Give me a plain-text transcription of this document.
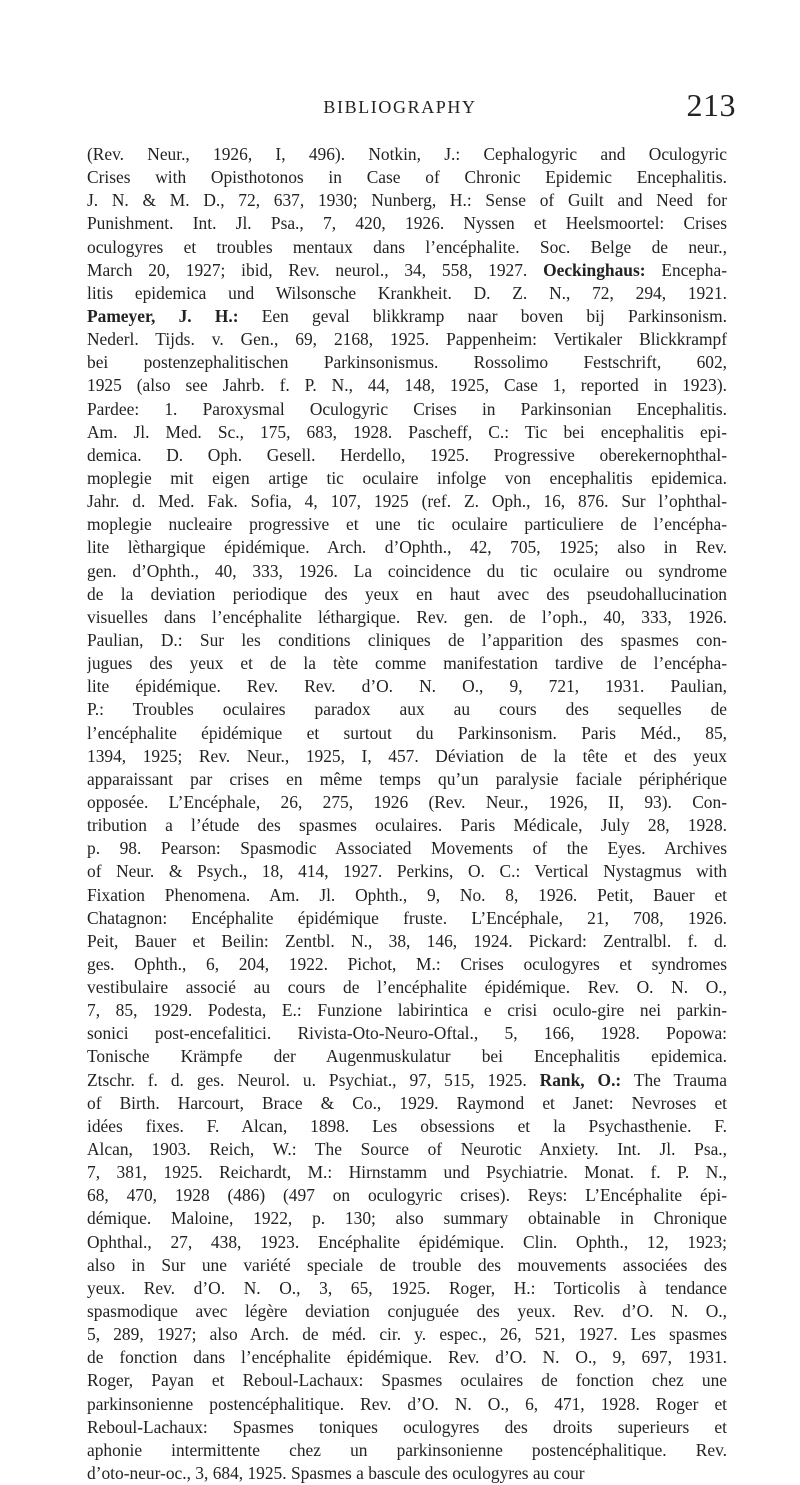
BIBLIOGRAPHY	213
(Rev. Neur., 1926, I, 496). Notkin, J.: Cephalogyric and Oculogyric
Crises with Opisthotonos in Case of Chronic Epidemic Encephalitis.
J. N. & M. D., 72, 637, 1930; Nunberg, H.: Sense of Guilt and Need for
Punishment. Int. Jl. Psa., 7, 420, 1926. Nyssen et Heelsmoortel: Crises
oculogyres et troubles mentaux dans l’encéphalite. Soc. Belge de neur.,
March 20, 1927; ibid, Rev. neurol., 34, 558, 1927. Oeckinghaus: Encepha-
litis epidemica und Wilsonsche Krankheit. D. Z. N., 72, 294, 1921.
Pameyer, J. H.: Een geval blikkramp naar boven bij Parkinsonism.
Nederl. Tijds. v. Gen., 69, 2168, 1925. Pappenheim: Vertikaler Blickkrampf
bei postenzephalitischen Parkinsonismus. Rossolimo Festschrift, 602,
1925 (also see Jahrb. f. P. N., 44, 148, 1925, Case 1, reported in 1923).
Pardee: 1. Paroxysmal Oculogyric Crises in Parkinsonian Encephalitis.
Am. Jl. Med. Sc., 175, 683, 1928. Pascheff, C.: Tic bei encephalitis epi-
demica. D. Oph. Gesell. Herdello, 1925. Progressive oberekernophthal-
moplegie mit eigen artige tic oculaire infolge von encephalitis epidemica.
Jahr. d. Med. Fak. Sofia, 4, 107, 1925 (ref. Z. Oph., 16, 876. Sur l’ophthal-
moplegie nucleaire progressive et une tic oculaire particuliere de l’encépha-
lite lèthargique épidémique. Arch. d’Ophth., 42, 705, 1925; also in Rev.
gen. d’Ophth., 40, 333, 1926. La coincidence du tic oculaire ou syndrome
de la deviation periodique des yeux en haut avec des pseudohallucination
visuelles dans l’encéphalite léthargique. Rev. gen. de l’oph., 40, 333, 1926.
Paulian, D.: Sur les conditions cliniques de l’apparition des spasmes con-
jugues des yeux et de la tète comme manifestation tardive de l’encépha-
lite épidémique. Rev. Rev. d’O. N. O., 9, 721, 1931. Paulian,
P.: Troubles oculaires paradox aux au cours des sequelles de
l’encéphalite épidémique et surtout du Parkinsonism. Paris Méd., 85,
1394, 1925; Rev. Neur., 1925, I, 457. Déviation de la tête et des yeux
apparaissant par crises en même temps qu’un paralysie faciale périphérique
opposée. L’Encéphale, 26, 275, 1926 (Rev. Neur., 1926, II, 93). Con-
tribution a l’étude des spasmes oculaires. Paris Médicale, July 28, 1928.
p. 98. Pearson: Spasmodic Associated Movements of the Eyes. Archives
of Neur. & Psych., 18, 414, 1927. Perkins, O. C.: Vertical Nystagmus with
Fixation Phenomena. Am. Jl. Ophth., 9, No. 8, 1926. Petit, Bauer et
Chatagnon: Encéphalite épidémique fruste. L’Encéphale, 21, 708, 1926.
Peit, Bauer et Beilin: Zentbl. N., 38, 146, 1924. Pickard: Zentralbl. f. d.
ges. Ophth., 6, 204, 1922. Pichot, M.: Crises oculogyres et syndromes
vestibulaire associé au cours de l’encéphalite épidémique. Rev. O. N. O.,
7, 85, 1929. Podesta, E.: Funzione labirintica e crisi oculo-gire nei parkin-
sonici post-encefalitici. Rivista-Oto-Neuro-Oftal., 5, 166, 1928. Popowa:
Tonische Krämpfe der Augenmuskulatur bei Encephalitis epidemica.
Ztschr. f. d. ges. Neurol. u. Psychiat., 97, 515, 1925. Rank, O.: The Trauma
of Birth. Harcourt, Brace & Co., 1929. Raymond et Janet: Nevroses et
idées fixes. F. Alcan, 1898. Les obsessions et la Psychasthenie. F.
Alcan, 1903. Reich, W.: The Source of Neurotic Anxiety. Int. Jl. Psa.,
7, 381, 1925. Reichardt, M.: Hirnstamm und Psychiatrie. Monat. f. P. N.,
68, 470, 1928 (486) (497 on oculogyric crises). Reys: L’Encéphalite épi-
démique. Maloine, 1922, p. 130; also summary obtainable in Chronique
Ophthal., 27, 438, 1923. Encéphalite épidémique. Clin. Ophth., 12, 1923;
also in Sur une variété speciale de trouble des mouvements associées des
yeux. Rev. d’O. N. O., 3, 65, 1925. Roger, H.: Torticolis à tendance
spasmodique avec légère deviation conjuguée des yeux. Rev. d’O. N. O.,
5, 289, 1927; also Arch. de méd. cir. y. espec., 26, 521, 1927. Les spasmes
de fonction dans l’encéphalite épidémique. Rev. d’O. N. O., 9, 697, 1931.
Roger, Payan et Reboul-Lachaux: Spasmes oculaires de fonction chez une
parkinsonienne postencéphalitique. Rev. d’O. N. O., 6, 471, 1928. Roger et
Reboul-Lachaux: Spasmes toniques oculogyres des droits superieurs et
aphonie intermittente chez un parkinsonienne postencéphalitique. Rev.
d’oto-neur-oc., 3, 684, 1925. Spasmes a bascule des oculogyres au cour
